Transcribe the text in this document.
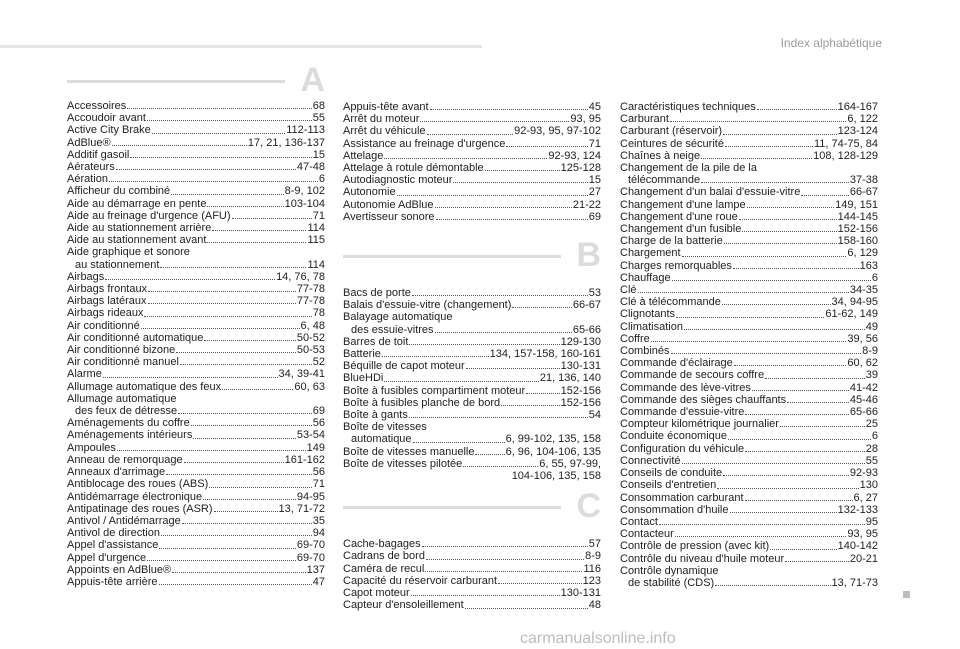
Index alphabétique
A
Accessoires	68
Accoudoir avant	55
Active City Brake	112-113
AdBlue®	17, 21, 136-137
Additif gasoil	15
Aérateurs	47-48
Aération	6
Afficheur du combiné	8-9, 102
Aide au démarrage en pente	103-104
Aide au freinage d'urgence (AFU)	71
Aide au stationnement arrière	114
Aide au stationnement avant	115
Aide graphique et sonore
au stationnement	114
Airbags	14, 76, 78
Airbags frontaux	77-78
Airbags latéraux	77-78
Airbags rideaux	78
Air conditionné	6, 48
Air conditionné automatique	50-52
Air conditionné bizone	50-53
Air conditionné manuel	52
Alarme	34, 39-41
Allumage automatique des feux	60, 63
Allumage automatique
des feux de détresse	69
Aménagements du coffre	56
Aménagements intérieurs	53-54
Ampoules	149
Anneau de remorquage	161-162
Anneaux d'arrimage	56
Antiblocage des roues (ABS)	71
Antidémarrage électronique	94-95
Antipatinage des roues (ASR)	13, 71-72
Antivol / Antidémarrage	35
Antivol de direction	94
Appel d'assistance	69-70
Appel d'urgence	69-70
Appoints en AdBlue®	137
Appuis-tête arrière	47
Appuis-tête avant	45
Arrêt du moteur	93, 95
Arrêt du véhicule	92-93, 95, 97-102
Assistance au freinage d'urgence	71
Attelage	92-93, 124
Attelage à rotule démontable	125-128
Autodiagnostic moteur	15
Autonomie	27
Autonomie AdBlue	21-22
Avertisseur sonore	69
B
Bacs de porte	53
Balais d'essuie-vitre (changement)	66-67
Balayage automatique
des essuie-vitres	65-66
Barres de toit	129-130
Batterie	134, 157-158, 160-161
Béquille de capot moteur	130-131
BlueHDi	21, 136, 140
Boîte à fusibles compartiment moteur	152-156
Boîte à fusibles planche de bord	152-156
Boîte à gants	54
Boîte de vitesses
automatique	6, 99-102, 135, 158
Boîte de vitesses manuelle	6, 96, 104-106, 135
Boîte de vitesses pilotée	6, 55, 97-99,
104-106, 135, 158
C
Cache-bagages	57
Cadrans de bord	8-9
Caméra de recul	116
Capacité du réservoir carburant	123
Capot moteur	130-131
Capteur d'ensoleillement	48
Caractéristiques techniques	164-167
Carburant	6, 122
Carburant (réservoir)	123-124
Ceintures de sécurité	11, 74-75, 84
Chaînes à neige	108, 128-129
Changement de la pile de la
télécommande	37-38
Changement d'un balai d'essuie-vitre	66-67
Changement d'une lampe	149, 151
Changement d'une roue	144-145
Changement d'un fusible	152-156
Charge de la batterie	158-160
Chargement	6, 129
Charges remorquables	163
Chauffage	6
Clé	34-35
Clé à télécommande	34, 94-95
Clignotants	61-62, 149
Climatisation	49
Coffre	39, 56
Combinés	8-9
Commande d'éclairage	60, 62
Commande de secours coffre	39
Commande des lève-vitres	41-42
Commande des sièges chauffants	45-46
Commande d'essuie-vitre	65-66
Compteur kilométrique journalier	25
Conduite économique	6
Configuration du véhicule	28
Connectivité	55
Conseils de conduite	92-93
Conseils d'entretien	130
Consommation carburant	6, 27
Consommation d'huile	132-133
Contact	95
Contacteur	93, 95
Contrôle de pression (avec kit)	140-142
Contrôle du niveau d'huile moteur	20-21
Contrôle dynamique
de stabilité (CDS)	13, 71-73
carmanualsonline.info
